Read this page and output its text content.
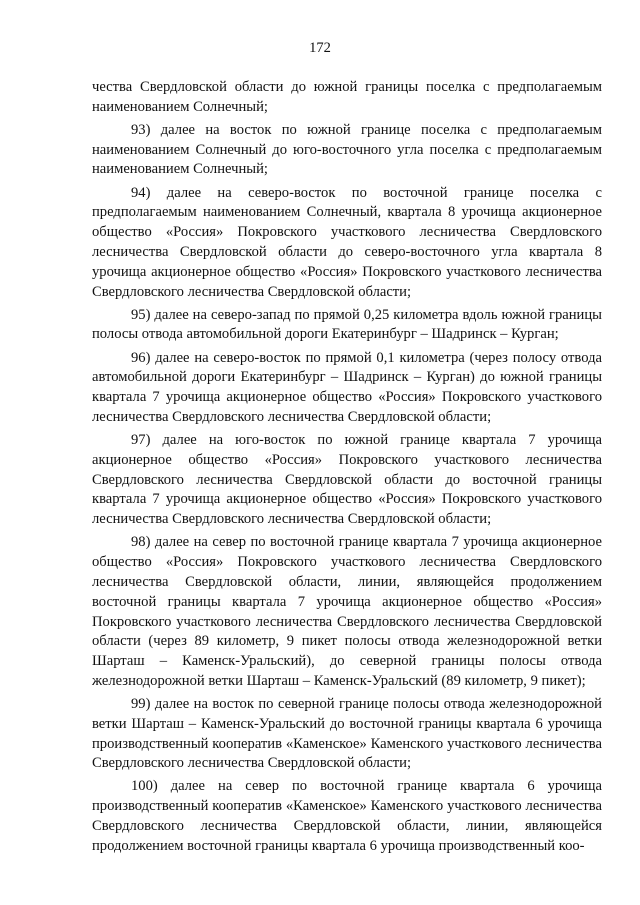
172

чества Свердловской области до южной границы поселка с предполагаемым наименованием Солнечный;

93) далее на восток по южной границе поселка с предполагаемым наименованием Солнечный до юго-восточного угла поселка с предполагаемым наименованием Солнечный;

94) далее на северо-восток по восточной границе поселка с предполагаемым наименованием Солнечный, квартала 8 урочища акционерное общество «Россия» Покровского участкового лесничества Свердловского лесничества Свердловской области до северо-восточного угла квартала 8 урочища акционерное общество «Россия» Покровского участкового лесничества Свердловского лесничества Свердловской области;

95) далее на северо-запад по прямой 0,25 километра вдоль южной границы полосы отвода автомобильной дороги Екатеринбург – Шадринск – Курган;

96) далее на северо-восток по прямой 0,1 километра (через полосу отвода автомобильной дороги Екатеринбург – Шадринск – Курган) до южной границы квартала 7 урочища акционерное общество «Россия» Покровского участкового лесничества Свердловского лесничества Свердловской области;

97) далее на юго-восток по южной границе квартала 7 урочища акционерное общество «Россия» Покровского участкового лесничества Свердловского лесничества Свердловской области до восточной границы квартала 7 урочища акционерное общество «Россия» Покровского участкового лесничества Свердловского лесничества Свердловской области;

98) далее на север по восточной границе квартала 7 урочища акционерное общество «Россия» Покровского участкового лесничества Свердловского лесничества Свердловской области, линии, являющейся продолжением восточной границы квартала 7 урочища акционерное общество «Россия» Покровского участкового лесничества Свердловского лесничества Свердловской области (через 89 километр, 9 пикет полосы отвода железнодорожной ветки Шарташ – Каменск-Уральский), до северной границы полосы отвода железнодорожной ветки Шарташ – Каменск-Уральский (89 километр, 9 пикет);

99) далее на восток по северной границе полосы отвода железнодорожной ветки Шарташ – Каменск-Уральский до восточной границы квартала 6 урочища производственный кооператив «Каменское» Каменского участкового лесничества Свердловского лесничества Свердловской области;

100) далее на север по восточной границе квартала 6 урочища производственный кооператив «Каменское» Каменского участкового лесничества Свердловского лесничества Свердловской области, линии, являющейся продолжением восточной границы квартала 6 урочища производственный коо-
